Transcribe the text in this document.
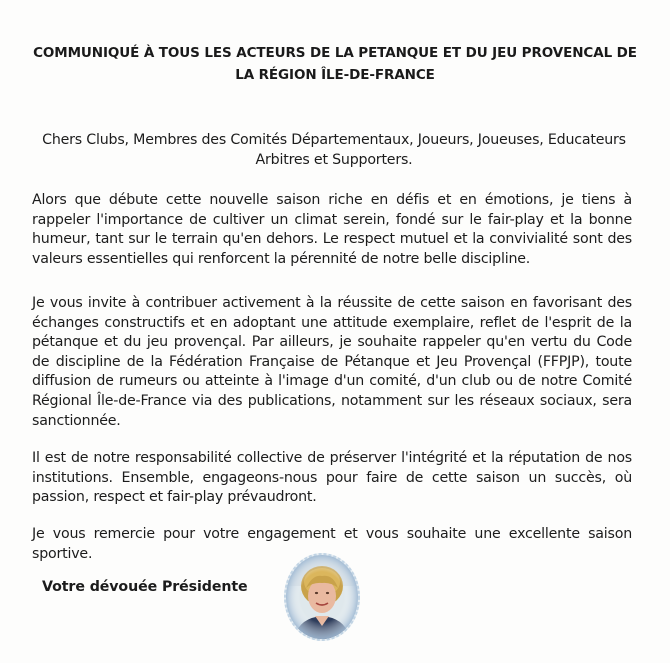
COMMUNIQUÉ À TOUS LES ACTEURS DE LA PETANQUE ET DU JEU PROVENCAL DE
LA RÉGION ÎLE-DE-FRANCE
Chers Clubs, Membres des Comités Départementaux, Joueurs, Joueuses, Educateurs
Arbitres et Supporters.
Alors que débute cette nouvelle saison riche en défis et en émotions, je tiens à rappeler l'importance de cultiver un climat serein, fondé sur le fair-play et la bonne humeur, tant sur le terrain qu'en dehors. Le respect mutuel et la convivialité sont des valeurs essentielles qui renforcent la pérennité de notre belle discipline.
Je vous invite à contribuer activement à la réussite de cette saison en favorisant des échanges constructifs et en adoptant une attitude exemplaire, reflet de l'esprit de la pétanque et du jeu provençal. Par ailleurs, je souhaite rappeler qu'en vertu du Code de discipline de la Fédération Française de Pétanque et Jeu Provençal (FFPJP), toute diffusion de rumeurs ou atteinte à l'image d'un comité, d'un club ou de notre Comité Régional Île-de-France via des publications, notamment sur les réseaux sociaux, sera sanctionnée.
Il est de notre responsabilité collective de préserver l'intégrité et la réputation de nos institutions. Ensemble, engageons-nous pour faire de cette saison un succès, où passion, respect et fair-play prévaudront.
Je vous remercie pour votre engagement et vous souhaite une excellente saison sportive.
Votre dévouée Présidente
